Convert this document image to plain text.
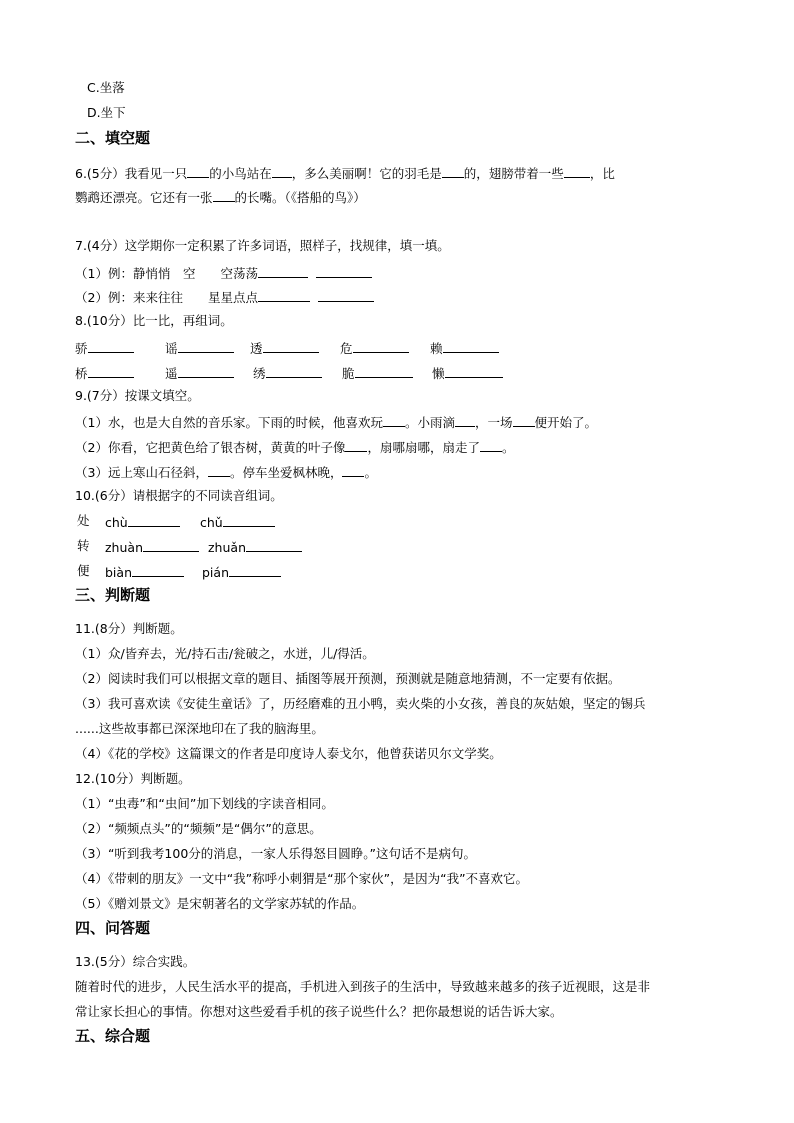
C.坐落
D.坐下
二、填空题
6.(5分）我看见一只 的小鸟站在 ，多么美丽啊！它的羽毛是 的，翅膀带着一些 ，比
鹦鹉还漂亮。它还有一张 的长嘴。（《搭船的鸟》）
7.(4分）这学期你一定积累了许多词语，照样子，找规律，填一填。
（1）例：静悄悄　空　　空荡荡
（2）例：来来往往　　星星点点
8.(10分）比一比，再组词。
骄	谣	透	危	赖
桥	遥	绣	脆	懒
9.(7分）按课文填空。
（1）水，也是大自然的音乐家。下雨的时候，他喜欢玩 。小雨滴 ，一场 便开始了。
（2）你看，它把黄色给了银杏树，黄黄的叶子像 ，扇哪扇哪，扇走了 。
（3）远上寒山石径斜， 。停车坐爱枫林晚， 。
10.(6分）请根据字的不同读音组词。
处 chù	chǔ
转 zhuàn	zhuǎn
便 biàn	pián
三、判断题
11.(8分）判断题。
（1）众/皆弃去，光/持石击/瓮破之，水迸，儿/得活。
（2）阅读时我们可以根据文章的题目、插图等展开预测，预测就是随意地猜测，不一定要有依据。
（3）我可喜欢读《安徒生童话》了，历经磨难的丑小鸭，卖火柴的小女孩，善良的灰姑娘，坚定的锡兵
......这些故事都已深深地印在了我的脑海里。
（4）《花的学校》这篇课文的作者是印度诗人泰戈尔，他曾获诺贝尔文学奖。
12.(10分）判断题。
（1）“虫毒”和“虫间”加下划线的字读音相同。
（2）“频频点头”的“频频”是“偶尔”的意思。
（3）“听到我考100分的消息，一家人乐得怒目圆睁。”这句话不是病句。
（4）《带刺的朋友》一文中“我”称呼小刺猬是“那个家伙”，是因为“我”不喜欢它。
（5）《赠刘景文》是宋朝著名的文学家苏轼的作品。
四、问答题
13.(5分）综合实践。
随着时代的进步，人民生活水平的提高，手机进入到孩子的生活中，导致越来越多的孩子近视眼，这是非
常让家长担心的事情。你想对这些爱看手机的孩子说些什么？把你最想说的话告诉大家。
五、综合题
